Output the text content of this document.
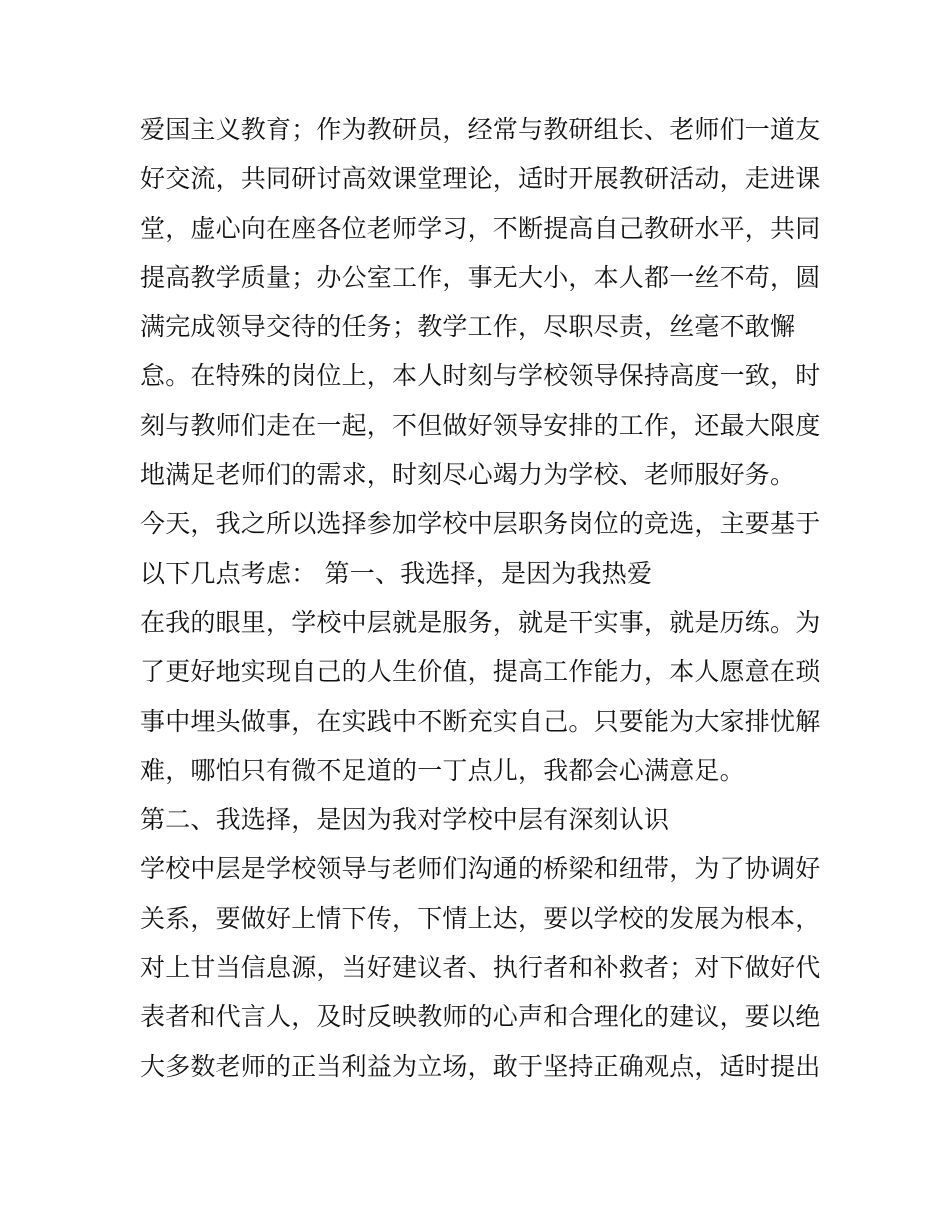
爱国主义教育；作为教研员，经常与教研组长、老师们一道友
好交流，共同研讨高效课堂理论，适时开展教研活动，走进课
堂，虚心向在座各位老师学习，不断提高自己教研水平，共同
提高教学质量；办公室工作，事无大小，本人都一丝不苟，圆
满完成领导交待的任务；教学工作，尽职尽责，丝毫不敢懈
怠。在特殊的岗位上，本人时刻与学校领导保持高度一致，时
刻与教师们走在一起，不但做好领导安排的工作，还最大限度
地满足老师们的需求，时刻尽心竭力为学校、老师服好务。
今天，我之所以选择参加学校中层职务岗位的竞选，主要基于
以下几点考虑： 第一、我选择，是因为我热爱
在我的眼里，学校中层就是服务，就是干实事，就是历练。为
了更好地实现自己的人生价值，提高工作能力，本人愿意在琐
事中埋头做事，在实践中不断充实自己。只要能为大家排忧解
难，哪怕只有微不足道的一丁点儿，我都会心满意足。
第二、我选择，是因为我对学校中层有深刻认识
学校中层是学校领导与老师们沟通的桥梁和纽带，为了协调好
关系，要做好上情下传，下情上达，要以学校的发展为根本，
对上甘当信息源，当好建议者、执行者和补救者；对下做好代
表者和代言人，及时反映教师的心声和合理化的建议，要以绝
大多数老师的正当利益为立场，敢于坚持正确观点，适时提出
